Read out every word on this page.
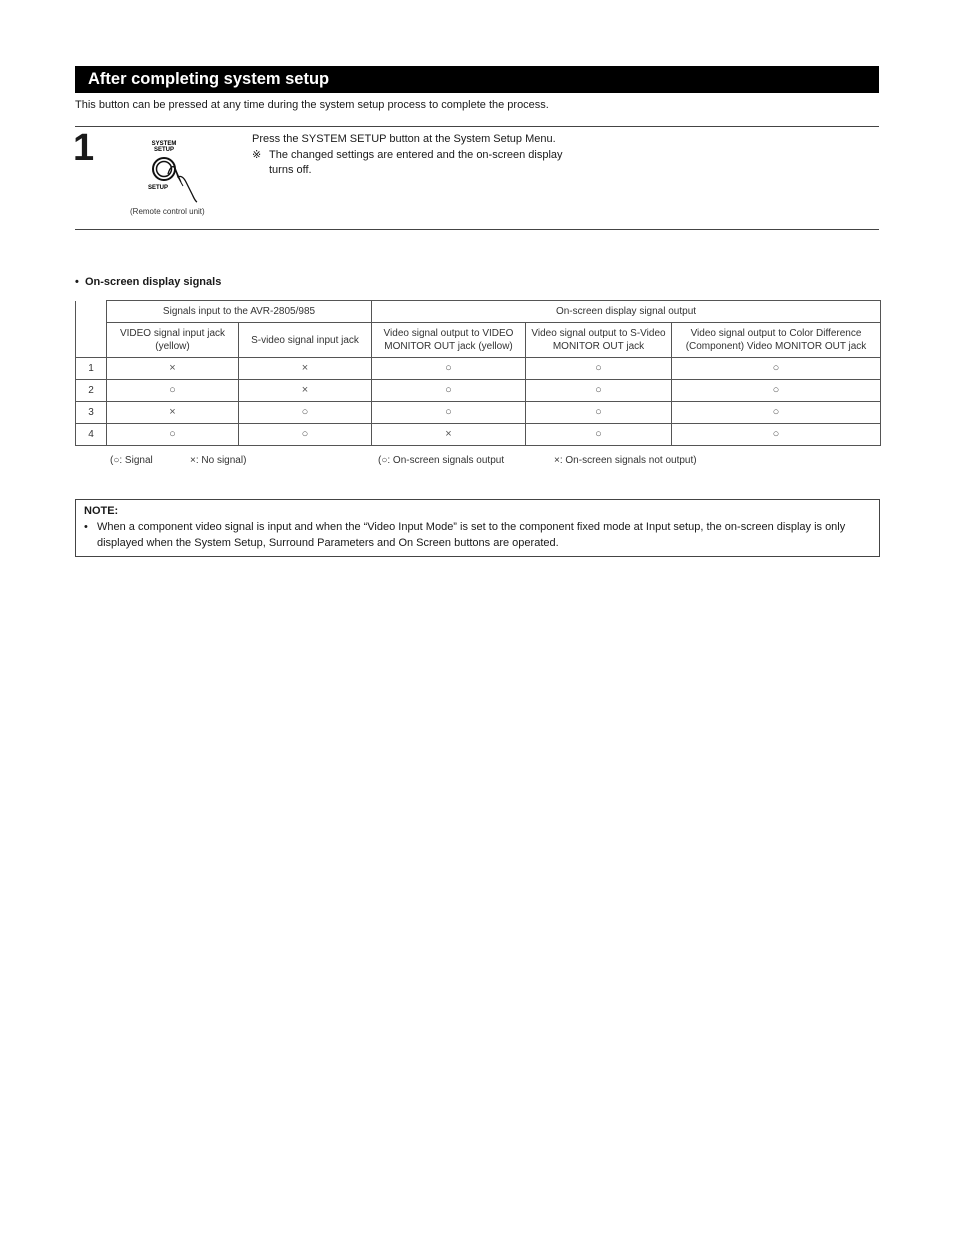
After completing system setup
This button can be pressed at any time during the system setup process to complete the process.
1	SYSTEM
SETUP
SETUP
(Remote control unit)
Press the SYSTEM SETUP button at the System Setup Menu.
※ The changed settings are entered and the on-screen display
turns off.
• On-screen display signals
	Signals input to the AVR-2805/985		On-screen display signal output		
	VIDEO signal input jack (yellow)	S-video signal input jack	Video signal output to VIDEO MONITOR OUT jack (yellow)	Video signal output to S-Video MONITOR OUT jack	Video signal output to Color Difference (Component) Video MONITOR OUT jack
1	×	×	○	○	○
2	○	×	○	○	○
3	×	○	○	○	○
4	○	○	×	○	○
(○: Signal	×: No signal)	(○: On-screen signals output	×: On-screen signals not output)
NOTE:
• When a component video signal is input and when the “Video Input Mode” is set to the component fixed mode at Input setup, the on-screen display is only displayed when the System Setup, Surround Parameters and On Screen buttons are operated.
